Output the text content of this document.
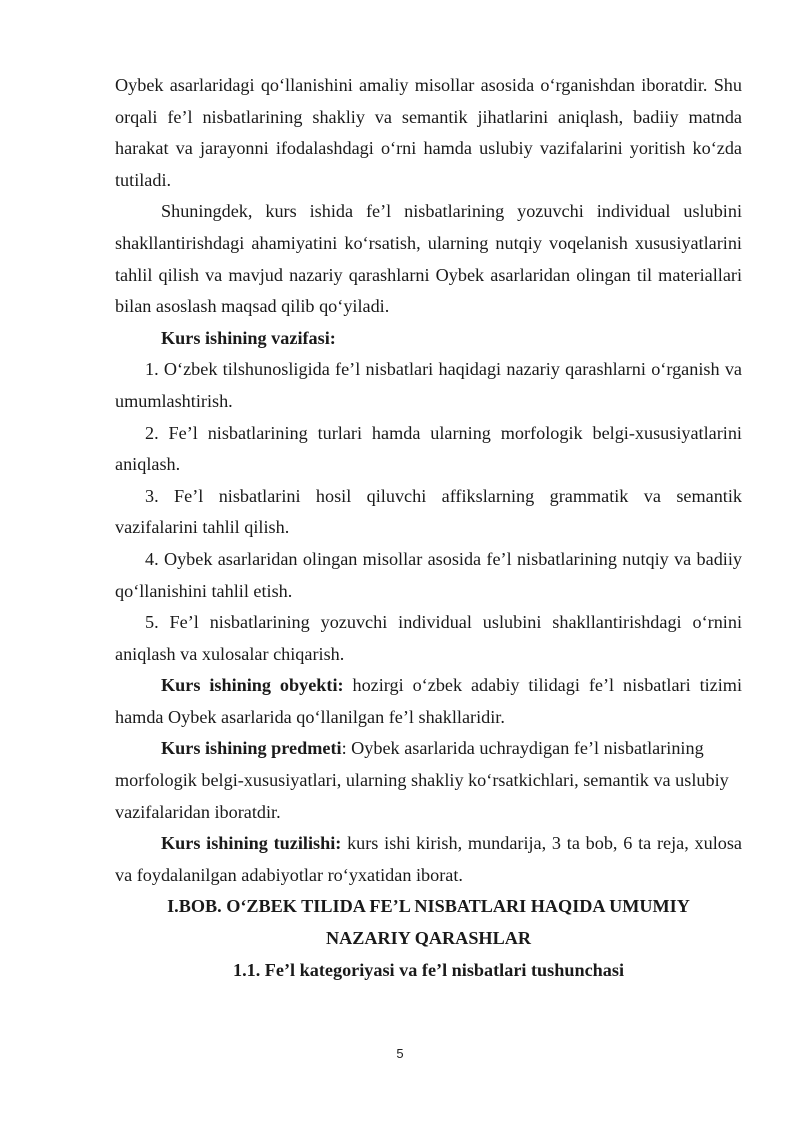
Oybek asarlaridagi qo‘llanishini amaliy misollar asosida o‘rganishdan iboratdir. Shu orqali fe’l nisbatlarining shakliy va semantik jihatlarini aniqlash, badiiy matnda harakat va jarayonni ifodalashdagi o‘rni hamda uslubiy vazifalarini yoritish ko‘zda tutiladi.

Shuningdek, kurs ishida fe’l nisbatlarining yozuvchi individual uslubini shakllantirishdagi ahamiyatini ko‘rsatish, ularning nutqiy voqelanish xususiyatlarini tahlil qilish va mavjud nazariy qarashlarni Oybek asarlaridan olingan til materiallari bilan asoslash maqsad qilib qo‘yiladi.

Kurs ishining vazifasi:

1. O‘zbek tilshunosligida fe’l nisbatlari haqidagi nazariy qarashlarni o‘rganish va umumlashtirish.

2. Fe’l nisbatlarining turlari hamda ularning morfologik belgi-xususiyatlarini aniqlash.

3. Fe’l nisbatlarini hosil qiluvchi affikslarning grammatik va semantik vazifalarini tahlil qilish.

4. Oybek asarlaridan olingan misollar asosida fe’l nisbatlarining nutqiy va badiiy qo‘llanishini tahlil etish.

5. Fe’l nisbatlarining yozuvchi individual uslubini shakllantirishdagi o‘rnini aniqlash va xulosalar chiqarish.

Kurs ishining obyekti: hozirgi o‘zbek adabiy tilidagi fe’l nisbatlari tizimi hamda Oybek asarlarida qo‘llanilgan fe’l shakllaridir.

Kurs ishining predmeti: Oybek asarlarida uchraydigan fe’l nisbatlarining morfologik belgi-xususiyatlari, ularning shakliy ko‘rsatkichlari, semantik va uslubiy vazifalaridan iboratdir.

Kurs ishining tuzilishi: kurs ishi kirish, mundarija, 3 ta bob, 6 ta reja, xulosa va foydalanilgan adabiyotlar ro‘yxatidan iborat.

I.BOB. O‘ZBEK TILIDA FE’L NISBATLARI HAQIDA UMUMIY

NAZARIY QARASHLAR

1.1. Fe’l kategoriyasi va fe’l nisbatlari tushunchasi

5
